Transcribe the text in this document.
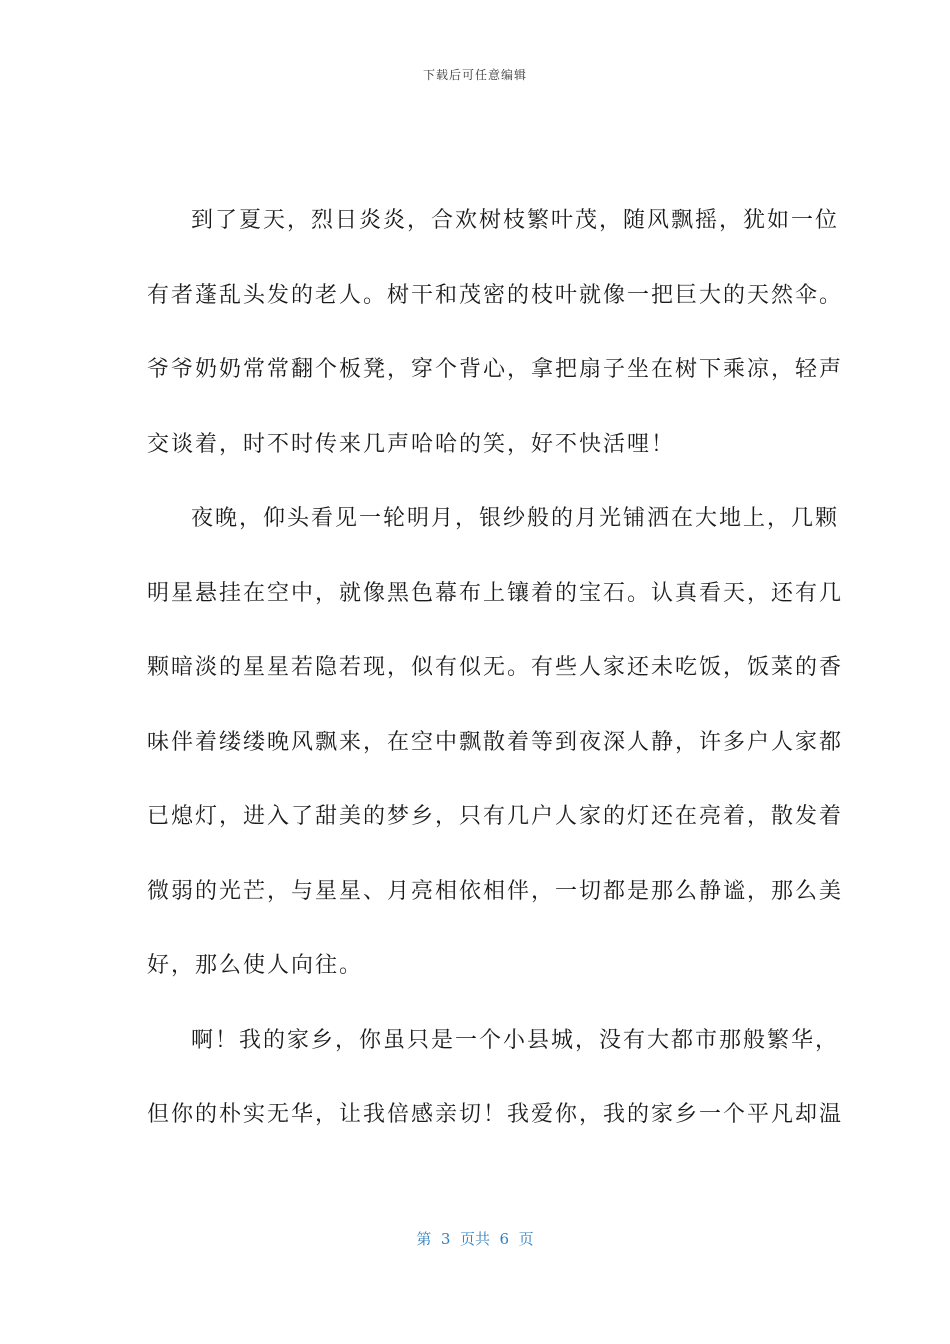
下载后可任意编辑
到了夏天，烈日炎炎，合欢树枝繁叶茂，随风飘摇，犹如一位
有者蓬乱头发的老人。树干和茂密的枝叶就像一把巨大的天然伞。
爷爷奶奶常常翻个板凳，穿个背心，拿把扇子坐在树下乘凉，轻声
交谈着，时不时传来几声哈哈的笑，好不快活哩！
夜晚，仰头看见一轮明月，银纱般的月光铺洒在大地上，几颗
明星悬挂在空中，就像黑色幕布上镶着的宝石。认真看天，还有几
颗暗淡的星星若隐若现，似有似无。有些人家还未吃饭，饭菜的香
味伴着缕缕晚风飘来，在空中飘散着等到夜深人静，许多户人家都
已熄灯，进入了甜美的梦乡，只有几户人家的灯还在亮着，散发着
微弱的光芒，与星星、月亮相依相伴，一切都是那么静谧，那么美
好，那么使人向往。
啊！我的家乡，你虽只是一个小县城，没有大都市那般繁华，
但你的朴实无华，让我倍感亲切！我爱你，我的家乡一个平凡却温
第  3  页共  6  页
